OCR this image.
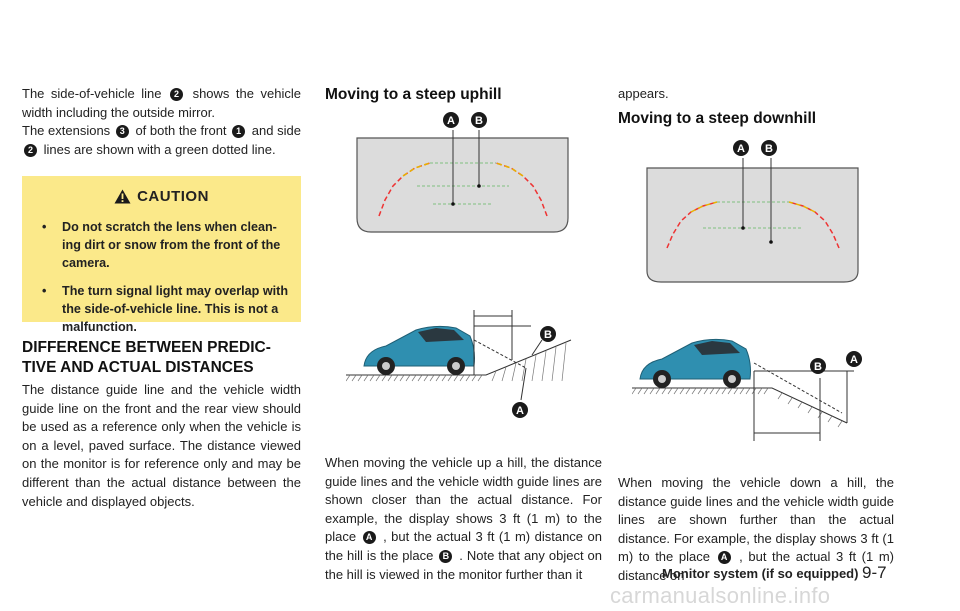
The side-of-vehicle line 2 shows the vehicle width including the outside mirror.
The extensions 3 of both the front 1 and side 2 lines are shown with a green dotted line.
CAUTION
• Do not scratch the lens when clean-ing dirt or snow from the front of the camera.
• The turn signal light may overlap with the side-of-vehicle line. This is not a malfunction.
DIFFERENCE BETWEEN PREDIC-TIVE AND ACTUAL DISTANCES
The distance guide line and the vehicle width guide line on the front and the rear view should be used as a reference only when the vehicle is on a level, paved surface. The distance viewed on the monitor is for reference only and may be different than the actual distance between the vehicle and displayed objects.
Moving to a steep uphill
A B
B
A
When moving the vehicle up a hill, the distance guide lines and the vehicle width guide lines are shown closer than the actual distance. For example, the display shows 3 ft (1 m) to the place A , but the actual 3 ft (1 m) distance on the hill is the place B . Note that any object on the hill is viewed in the monitor further than it
appears.
Moving to a steep downhill
A B
B
A
When moving the vehicle down a hill, the distance guide lines and the vehicle width guide lines are shown further than the actual distance. For example, the display shows 3 ft (1 m) to the place A , but the actual 3 ft (1 m) distance on
Monitor system (if so equipped) 9-7
carmanualsonline.info
